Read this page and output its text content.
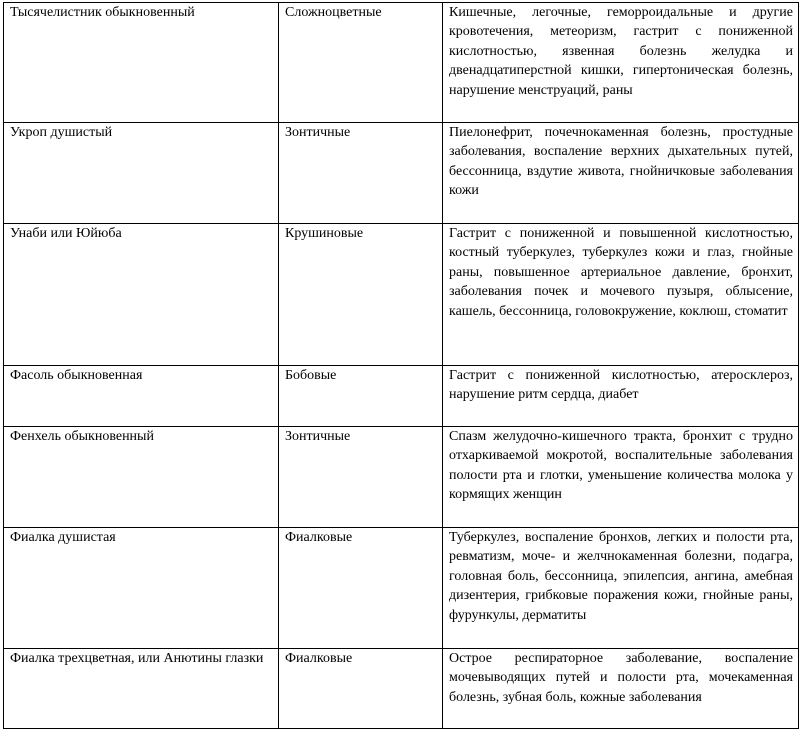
Тысячелистник обыкновенный	Сложноцветные	Кишечные, легочные, геморроидальные и другие кровотечения, метеоризм, гастрит с пониженной кислотностью, язвенная болезнь желудка и двенадцатиперстной кишки, гипертоническая болезнь, нарушение менструаций, раны
Укроп душистый	Зонтичные	Пиелонефрит, почечнокаменная болезнь, простудные заболевания, воспаление верхних дыхательных путей, бессонница, вздутие живота, гнойничковые заболевания кожи
Унаби или Юйюба	Крушиновые	Гастрит с пониженной и повышенной кислотностью, костный туберкулез, туберкулез кожи и глаз, гнойные раны, повышенное артериальное давление, бронхит, заболевания почек и мочевого пузыря, облысение, кашель, бессонница, головокружение, коклюш, стоматит
Фасоль обыкновенная	Бобовые	Гастрит с пониженной кислотностью, атеросклероз, нарушение ритм сердца, диабет
Фенхель обыкновенный	Зонтичные	Спазм желудочно-кишечного тракта, бронхит с трудно отхаркиваемой мокротой, воспалительные заболевания полости рта и глотки, уменьшение количества молока у кормящих женщин
Фиалка душистая	Фиалковые	Туберкулез, воспаление бронхов, легких и полости рта, ревматизм, моче- и желчнокаменная болезни, подагра, головная боль, бессонница, эпилепсия, ангина, амебная дизентерия, грибковые поражения кожи, гнойные раны, фурункулы, дерматиты
Фиалка трехцветная, или Анютины глазки	Фиалковые	Острое респираторное заболевание, воспаление мочевыводящих путей и полости рта, мочекаменная болезнь, зубная боль, кожные заболевания
